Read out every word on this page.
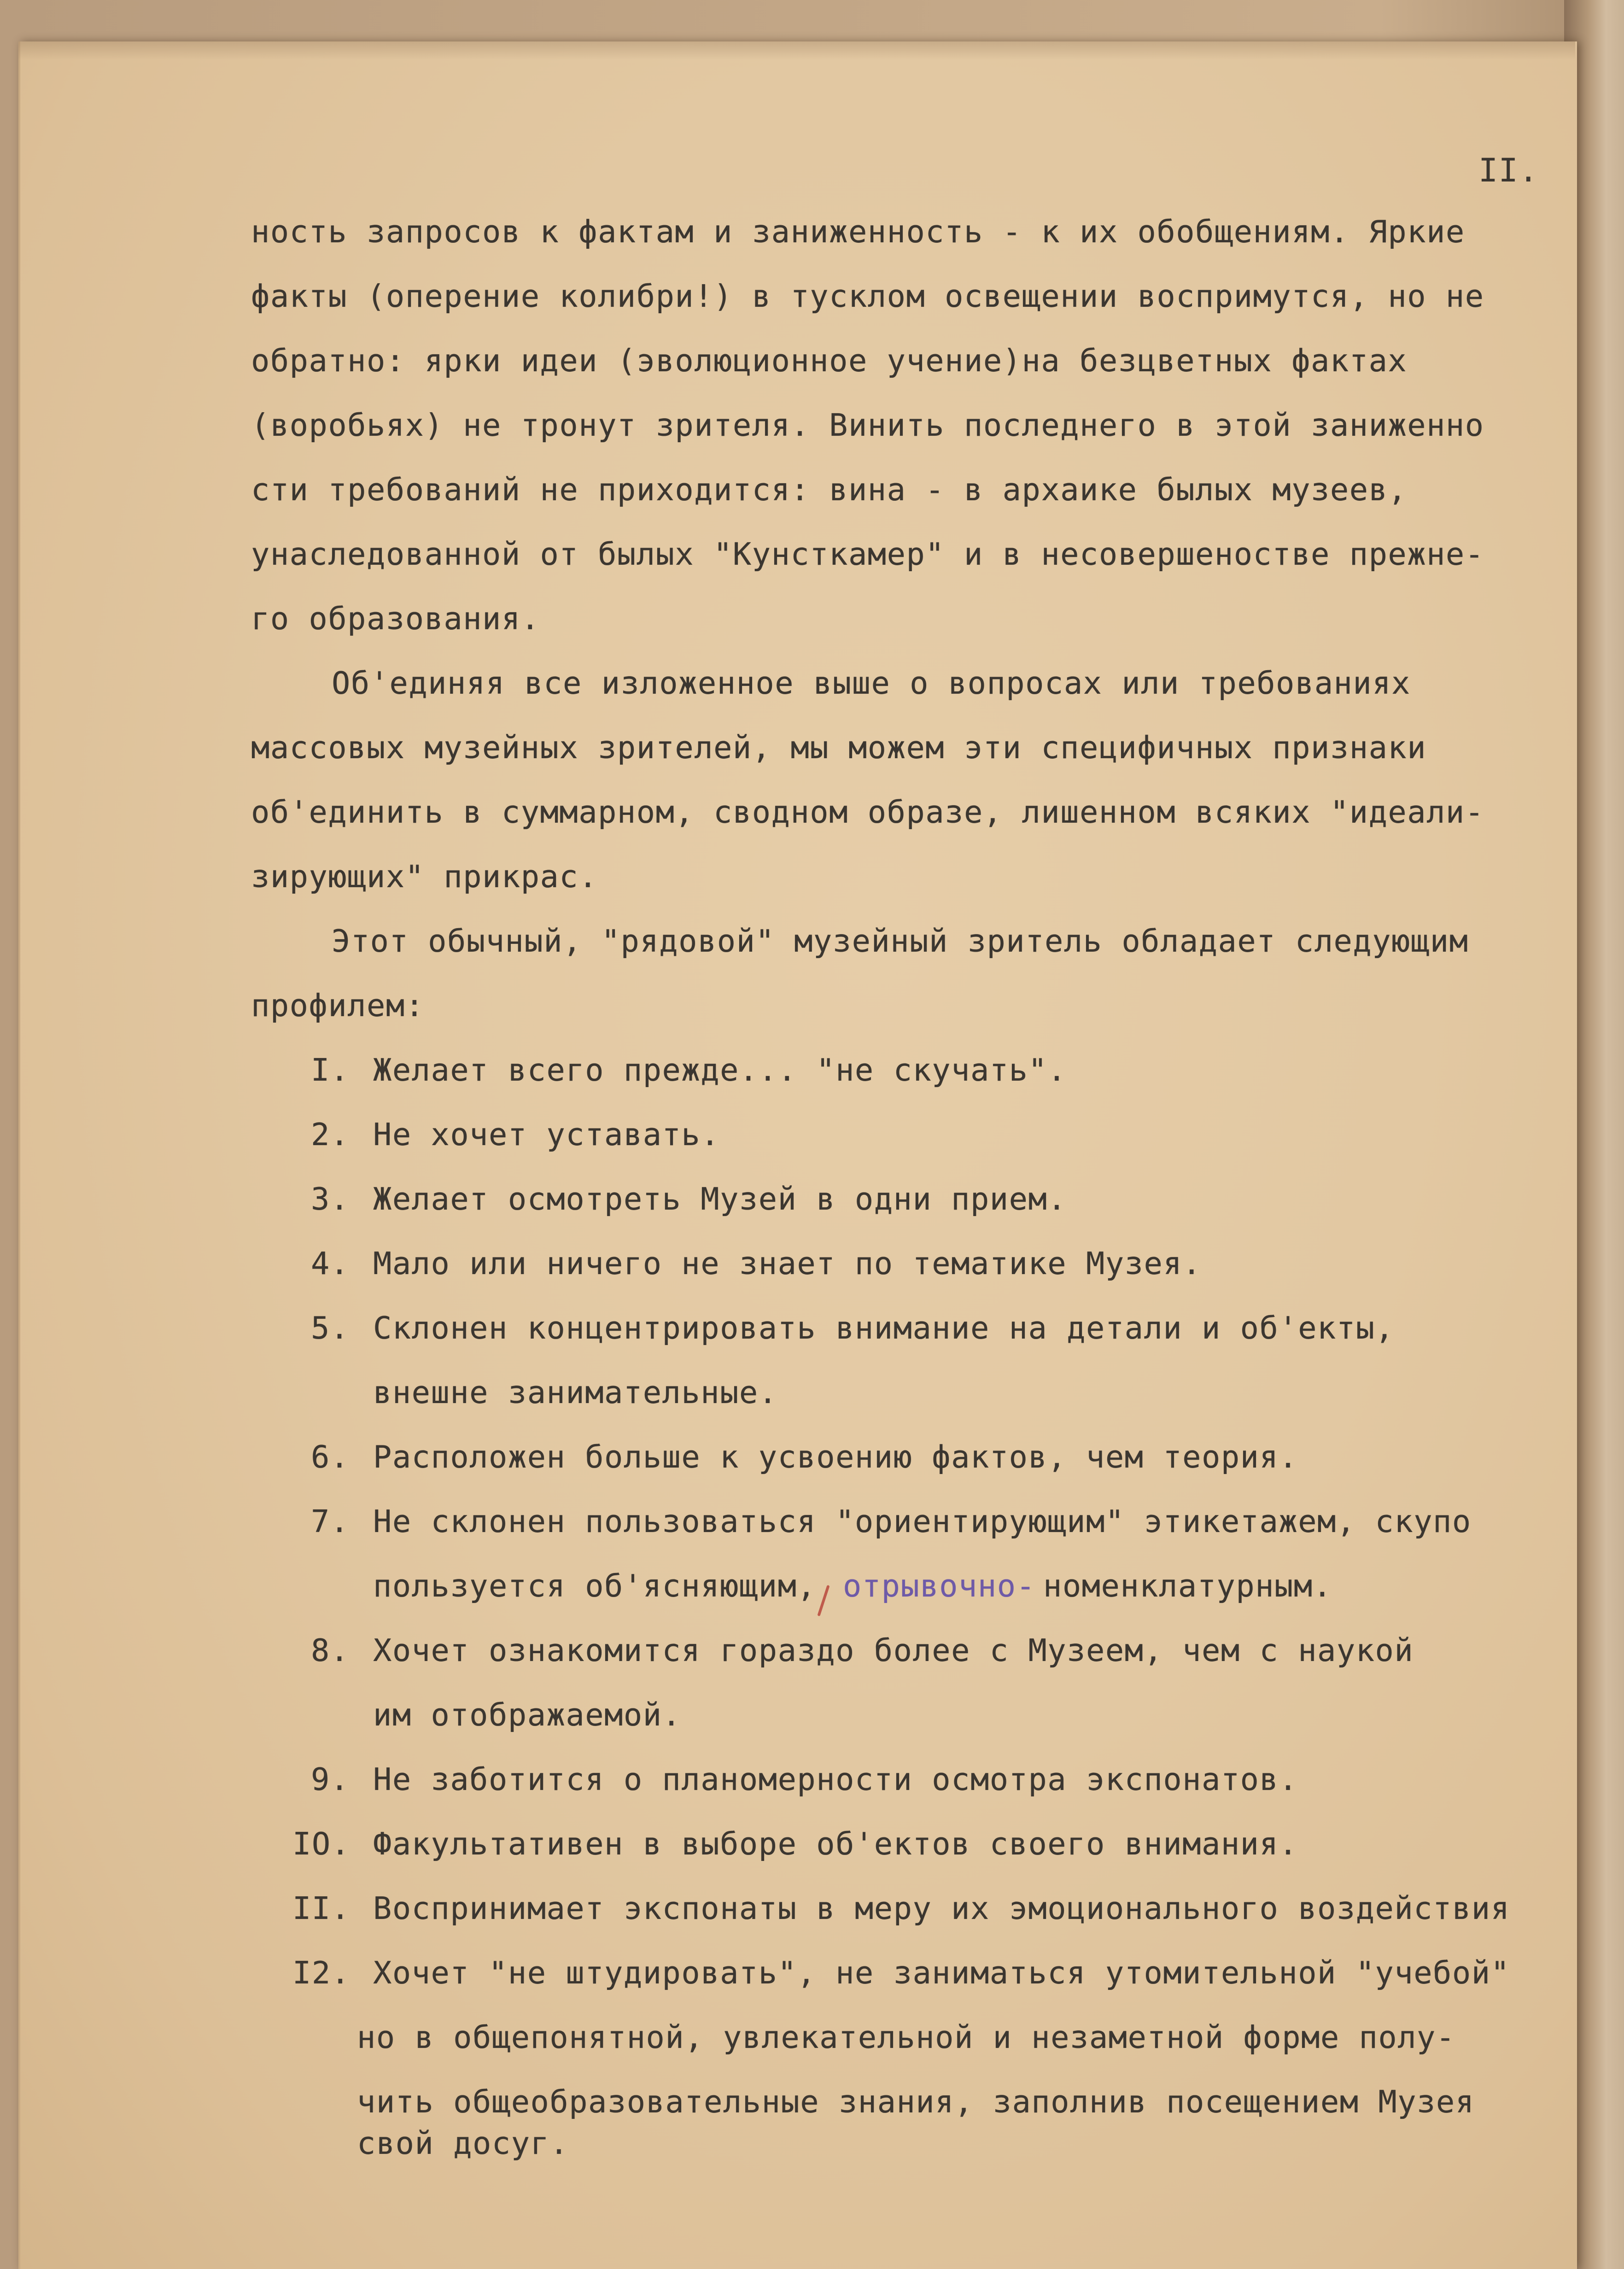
II.
ность запросов к фактам и заниженность - к их обобщениям. Яркие
факты (оперение колибри!) в тусклом освещении воспримутся, но не
обратно: ярки идеи (эволюционное учение)на безцветных фактах
(воробьях) не тронут зрителя. Винить последнего в этой заниженно
сти требований не приходится: вина - в архаике былых музеев,
унаследованной от былых "Кунсткамер" и в несовершеностве прежне-
го образования.
Об'единяя все изложенное выше о вопросах или требованиях
массовых музейных зрителей, мы можем эти специфичных признаки
об'единить в суммарном, сводном образе, лишенном всяких "идеали-
зирующих" прикрас.
Этот обычный, "рядовой" музейный зритель обладает следующим
профилем:
I. Желает всего прежде... "не скучать".
2. Не хочет уставать.
3. Желает осмотреть Музей в одни прием.
4. Мало или ничего не знает по тематике Музея.
5. Склонен концентрировать внимание на детали и об'екты,
внешне занимательные.
6. Расположен больше к усвоению фактов, чем теория.
7. Не склонен пользоваться "ориентирующим" этикетажем, скупо
пользуется об'ясняющим, отрывочно- номенклатурным.
8. Хочет ознакомится гораздо более с Музеем, чем с наукой
им отображаемой.
9. Не заботится о планомерности осмотра экспонатов.
IO. Факультативен в выборе об'ектов своего внимания.
II. Воспринимает экспонаты в меру их эмоционального воздействия
I2. Хочет "не штудировать", не заниматься утомительной "учебой"
но в общепонятной, увлекательной и незаметной форме полу-
чить общеобразовательные знания, заполнив посещением Музея
свой досуг.
